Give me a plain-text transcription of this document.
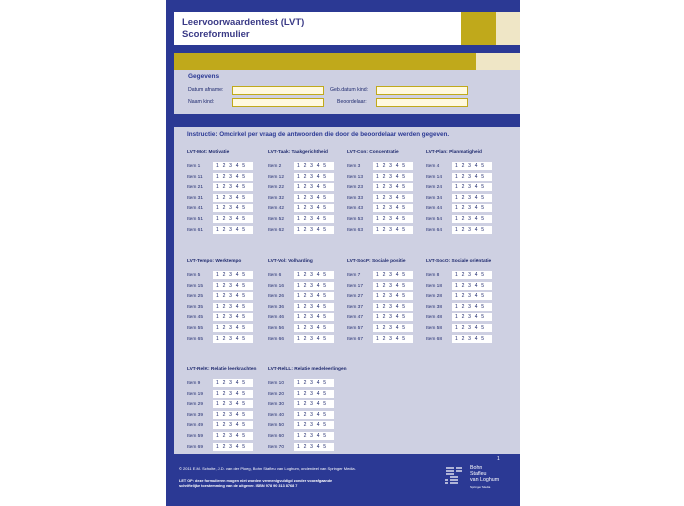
Leervoorwaardentest (LVT)
Scoreformulier
Gegevens
Datum afname:
Naam kind:
Geb.datum kind:
Beoordelaar:
Instructie: Omcirkel per vraag de antwoorden die door de beoordelaar werden gegeven.
LVT-Mot: Motivatie
Item 1	1 2 3 4 5
Item 11	1 2 3 4 5
Item 21	1 2 3 4 5
Item 31	1 2 3 4 5
Item 41	1 2 3 4 5
Item 51	1 2 3 4 5
Item 61	1 2 3 4 5
LVT-Taak: Taakgerichtheid
Item 2	1 2 3 4 5
Item 12	1 2 3 4 5
Item 22	1 2 3 4 5
Item 32	1 2 3 4 5
Item 42	1 2 3 4 5
Item 52	1 2 3 4 5
Item 62	1 2 3 4 5
LVT-Con: Concentratie
Item 3	1 2 3 4 5
Item 13	1 2 3 4 5
Item 23	1 2 3 4 5
Item 33	1 2 3 4 5
Item 43	1 2 3 4 5
Item 53	1 2 3 4 5
Item 63	1 2 3 4 5
LVT-Plan: Planmatigheid
Item 4	1 2 3 4 5
Item 14	1 2 3 4 5
Item 24	1 2 3 4 5
Item 34	1 2 3 4 5
Item 44	1 2 3 4 5
Item 54	1 2 3 4 5
Item 64	1 2 3 4 5
LVT-Tempo: Werktempo
Item 5	1 2 3 4 5
Item 15	1 2 3 4 5
Item 25	1 2 3 4 5
Item 35	1 2 3 4 5
Item 45	1 2 3 4 5
Item 55	1 2 3 4 5
Item 65	1 2 3 4 5
LVT-Vol: Volharding
Item 6	1 2 3 4 5
Item 16	1 2 3 4 5
Item 26	1 2 3 4 5
Item 36	1 2 3 4 5
Item 46	1 2 3 4 5
Item 56	1 2 3 4 5
Item 66	1 2 3 4 5
LVT-SocP: Sociale positie
Item 7	1 2 3 4 5
Item 17	1 2 3 4 5
Item 27	1 2 3 4 5
Item 37	1 2 3 4 5
Item 47	1 2 3 4 5
Item 57	1 2 3 4 5
Item 67	1 2 3 4 5
LVT-SocO: Sociale oriëntatie
Item 8	1 2 3 4 5
Item 18	1 2 3 4 5
Item 28	1 2 3 4 5
Item 38	1 2 3 4 5
Item 48	1 2 3 4 5
Item 58	1 2 3 4 5
Item 68	1 2 3 4 5
LVT-RelK: Relatie leerkrachten
Item 9	1 2 3 4 5
Item 19	1 2 3 4 5
Item 29	1 2 3 4 5
Item 39	1 2 3 4 5
Item 49	1 2 3 4 5
Item 59	1 2 3 4 5
Item 69	1 2 3 4 5
LVT-RelLL: Relatie medeleerlingen
Item 10	1 2 3 4 5
Item 20	1 2 3 4 5
Item 30	1 2 3 4 5
Item 40	1 2 3 4 5
Item 50	1 2 3 4 5
Item 60	1 2 3 4 5
Item 70	1 2 3 4 5
1
© 2011 E.M. Scholte, J.D. van der Ploeg, Bohn Stafleu van Loghum, onderdeel van Springer Media.
LET OP: deze formulieren mogen niet worden vermenigvuldigd zonder voorafgaande
schriftelijke toestemming van de uitgever. ISBN 978 90 313 8768 7
Bohn
Stafleu
van Loghum
Springer Media
